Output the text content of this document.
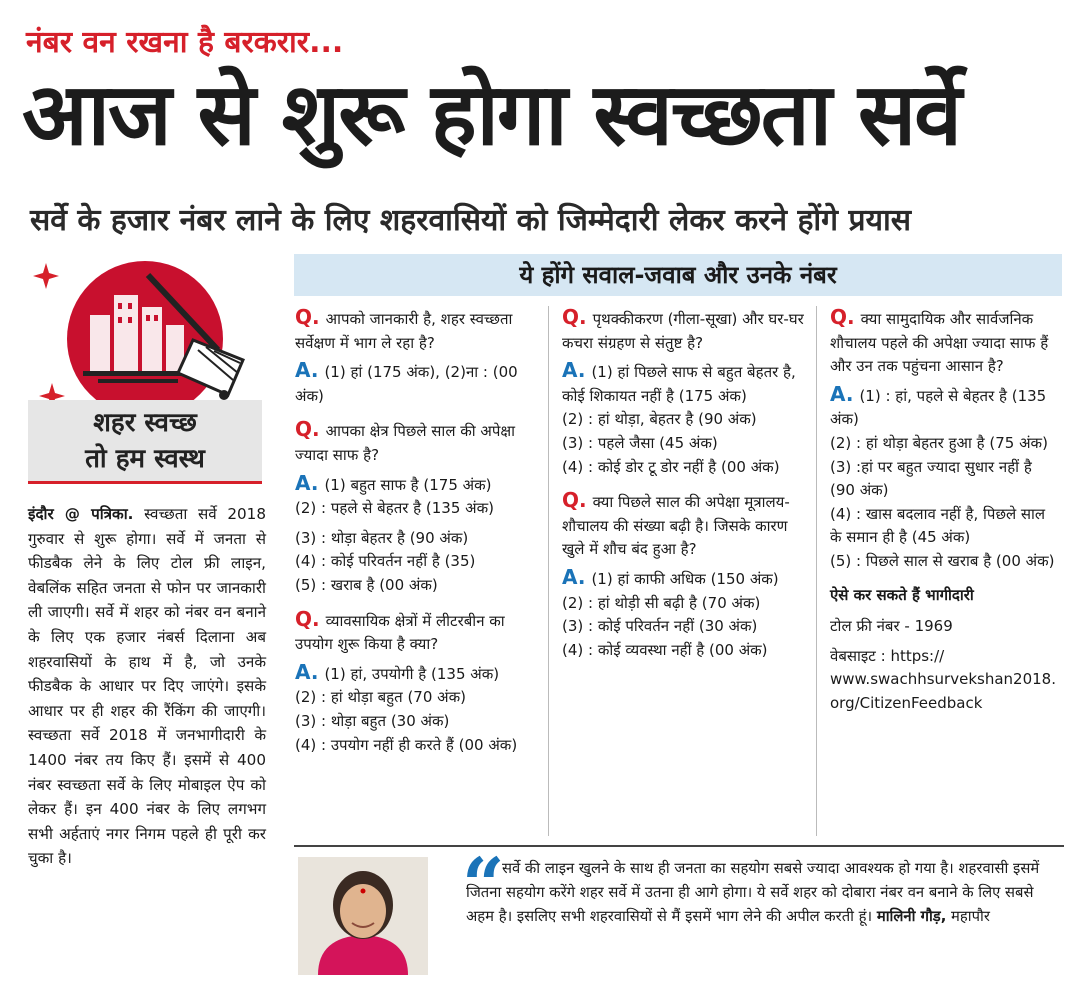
नंबर वन रखना है बरकरार...
आज से शुरू होगा स्वच्छता सर्वे
सर्वे के हजार नंबर लाने के लिए शहरवासियों को जिम्मेदारी लेकर करने होंगे प्रयास
शहर स्वच्छ
तो हम स्वस्थ
इंदौर @ पत्रिका. स्वच्छता सर्वे 2018 गुरुवार से शुरू होगा। सर्वे में जनता से फीडबैक लेने के लिए टोल फ्री लाइन, वेबलिंक सहित जनता से फोन पर जानकारी ली जाएगी। सर्वे में शहर को नंबर वन बनाने के लिए एक हजार नंबर्स दिलाना अब शहरवासियों के हाथ में है, जो उनके फीडबैक के आधार पर दिए जाएंगे। इसके आधार पर ही शहर की रैंकिंग की जाएगी। स्वच्छता सर्वे 2018 में जनभागीदारी के 1400 नंबर तय किए हैं। इसमें से 400 नंबर स्वच्छता सर्वे के लिए मोबाइल ऐप को लेकर हैं। इन 400 नंबर के लिए लगभग सभी अर्हताएं नगर निगम पहले ही पूरी कर चुका है।
ये होंगे सवाल-जवाब और उनके नंबर
Q. आपको जानकारी है, शहर स्वच्छता सर्वेक्षण में भाग ले रहा है?
A. (1) हां (175 अंक), (2)ना : (00 अंक)
Q. आपका क्षेत्र पिछले साल की अपेक्षा ज्यादा साफ है?
A. (1) बहुत साफ है (175 अंक)
(2) : पहले से बेहतर है (135 अंक)
(3) : थोड़ा बेहतर है (90 अंक)
(4) : कोई परिवर्तन नहीं है (35)
(5) : खराब है (00 अंक)
Q. व्यावसायिक क्षेत्रों में लीटरबीन का उपयोग शुरू किया है क्या?
A. (1) हां, उपयोगी है (135 अंक)
(2) : हां थोड़ा बहुत (70 अंक)
(3) : थोड़ा बहुत (30 अंक)
(4) : उपयोग नहीं ही करते हैं (00 अंक)
Q. पृथक्कीकरण (गीला-सूखा) और घर-घर कचरा संग्रहण से संतुष्ट है?
A. (1) हां पिछले साफ से बहुत बेहतर है, कोई शिकायत नहीं है (175 अंक)
(2) : हां थोड़ा, बेहतर है (90 अंक)
(3) : पहले जैसा (45 अंक)
(4) : कोई डोर टू डोर नहीं है (00 अंक)
Q. क्या पिछले साल की अपेक्षा मूत्रालय- शौचालय की संख्या बढ़ी है। जिसके कारण खुले में शौच बंद हुआ है?
A. (1) हां काफी अधिक (150 अंक)
(2) : हां थोड़ी सी बढ़ी है (70 अंक)
(3) : कोई परिवर्तन नहीं (30 अंक)
(4) : कोई व्यवस्था नहीं है (00 अंक)
Q. क्या सामुदायिक और सार्वजनिक शौचालय पहले की अपेक्षा ज्यादा साफ हैं और उन तक पहुंचना आसान है?
A. (1) : हां, पहले से बेहतर है (135 अंक)
(2) : हां थोड़ा बेहतर हुआ है (75 अंक)
(3) :हां पर बहुत ज्यादा सुधार नहीं है (90 अंक)
(4) : खास बदलाव नहीं है, पिछले साल के समान ही है (45 अंक)
(5) : पिछले साल से खराब है (00 अंक)
ऐसे कर सकते हैं भागीदारी
टोल फ्री नंबर - 1969
वेबसाइट : https://
www.swachhsurvekshan2018.org/CitizenFeedback
“
सर्वे की लाइन खुलने के साथ ही जनता का सहयोग सबसे ज्यादा आवश्यक हो गया है। शहरवासी इसमें जितना सहयोग करेंगे शहर सर्वे में उतना ही आगे होगा। ये सर्वे शहर को दोबारा नंबर वन बनाने के लिए सबसे अहम है। इसलिए सभी शहरवासियों से मैं इसमें भाग लेने की अपील करती हूं। मालिनी गौड़, महापौर
